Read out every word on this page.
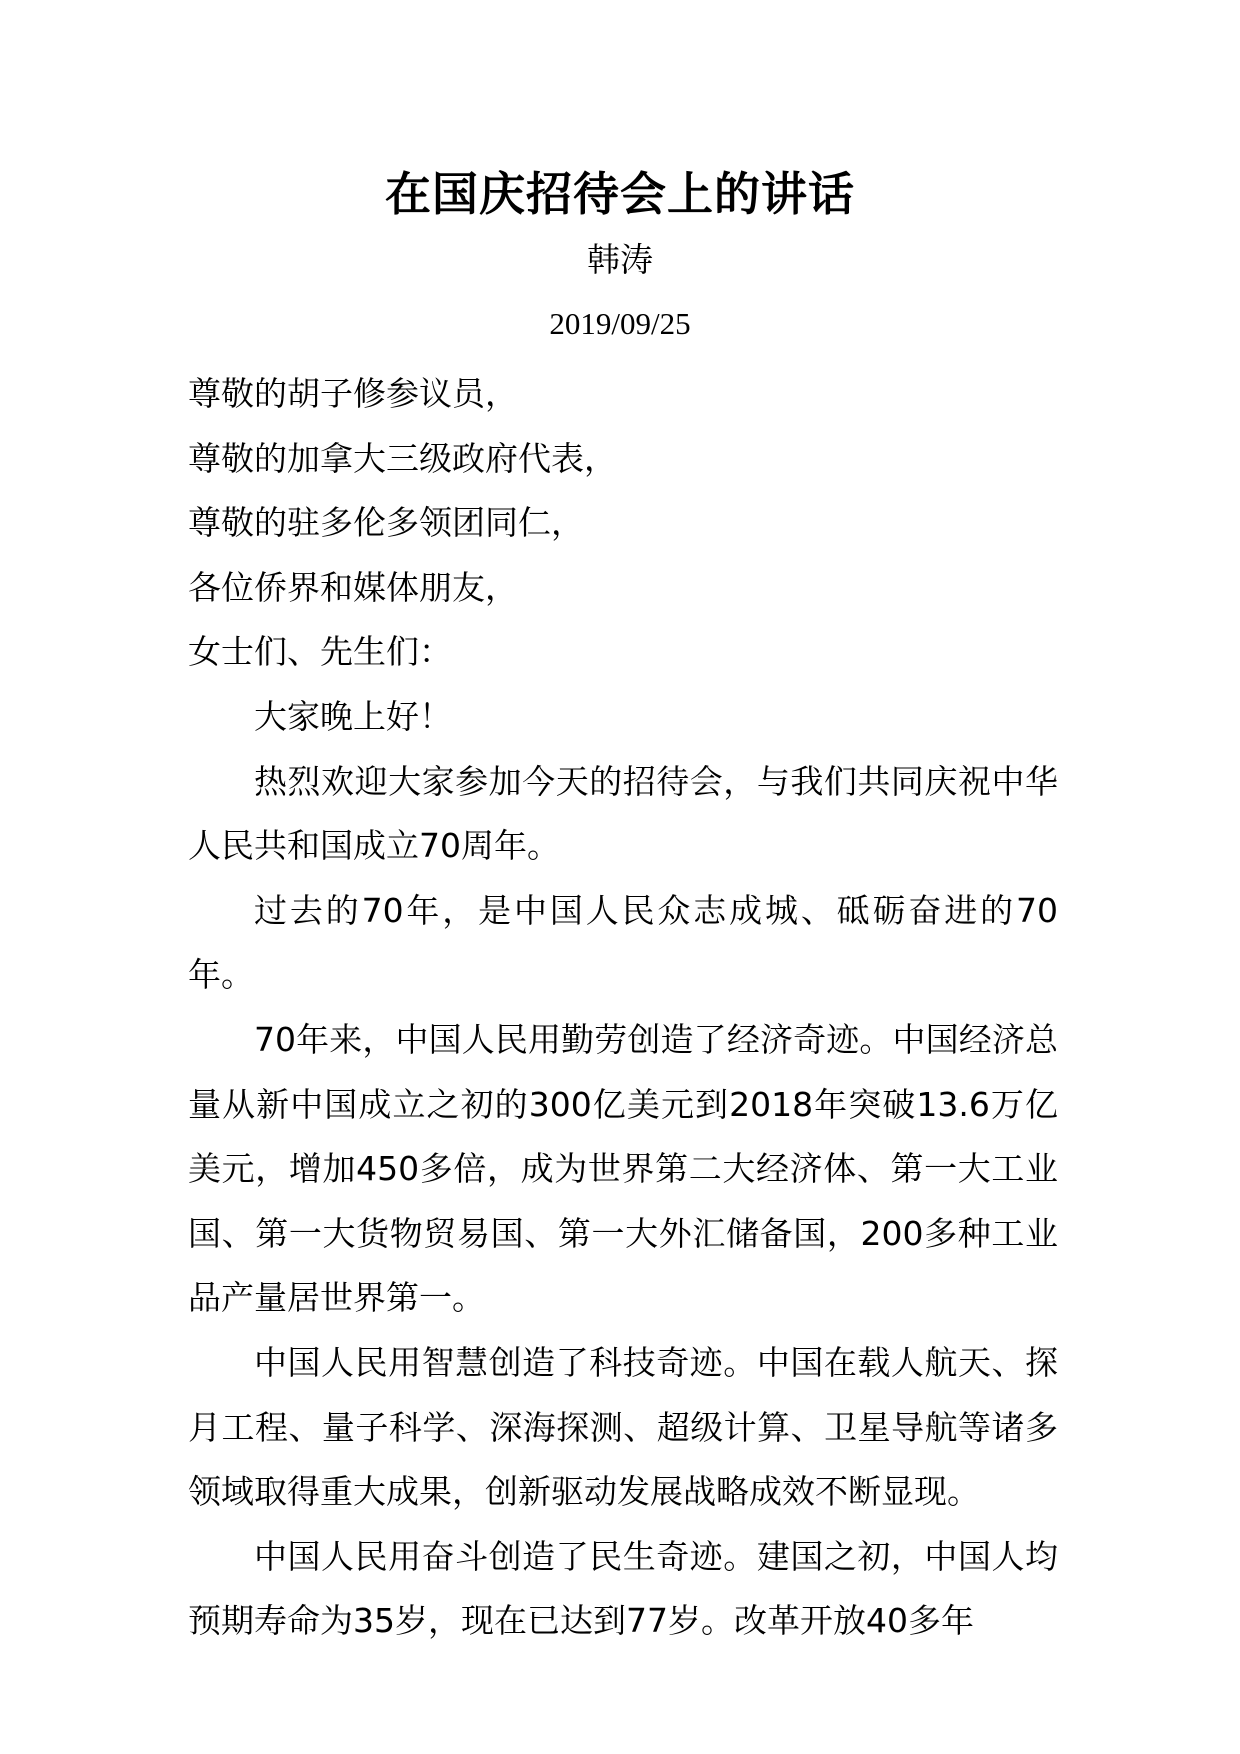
在国庆招待会上的讲话
韩涛
2019/09/25

尊敬的胡子修参议员，

尊敬的加拿大三级政府代表，

尊敬的驻多伦多领团同仁，

各位侨界和媒体朋友，

女士们、先生们：

大家晚上好！

热烈欢迎大家参加今天的招待会，与我们共同庆祝中华人民共和国成立70周年。

过去的70年，是中国人民众志成城、砥砺奋进的70年。

70年来，中国人民用勤劳创造了经济奇迹。中国经济总量从新中国成立之初的300亿美元到2018年突破13.6万亿美元，增加450多倍，成为世界第二大经济体、第一大工业国、第一大货物贸易国、第一大外汇储备国，200多种工业品产量居世界第一。

中国人民用智慧创造了科技奇迹。中国在载人航天、探月工程、量子科学、深海探测、超级计算、卫星导航等诸多领域取得重大成果，创新驱动发展战略成效不断显现。

中国人民用奋斗创造了民生奇迹。建国之初，中国人均预期寿命为35岁，现在已达到77岁。改革开放40多年
